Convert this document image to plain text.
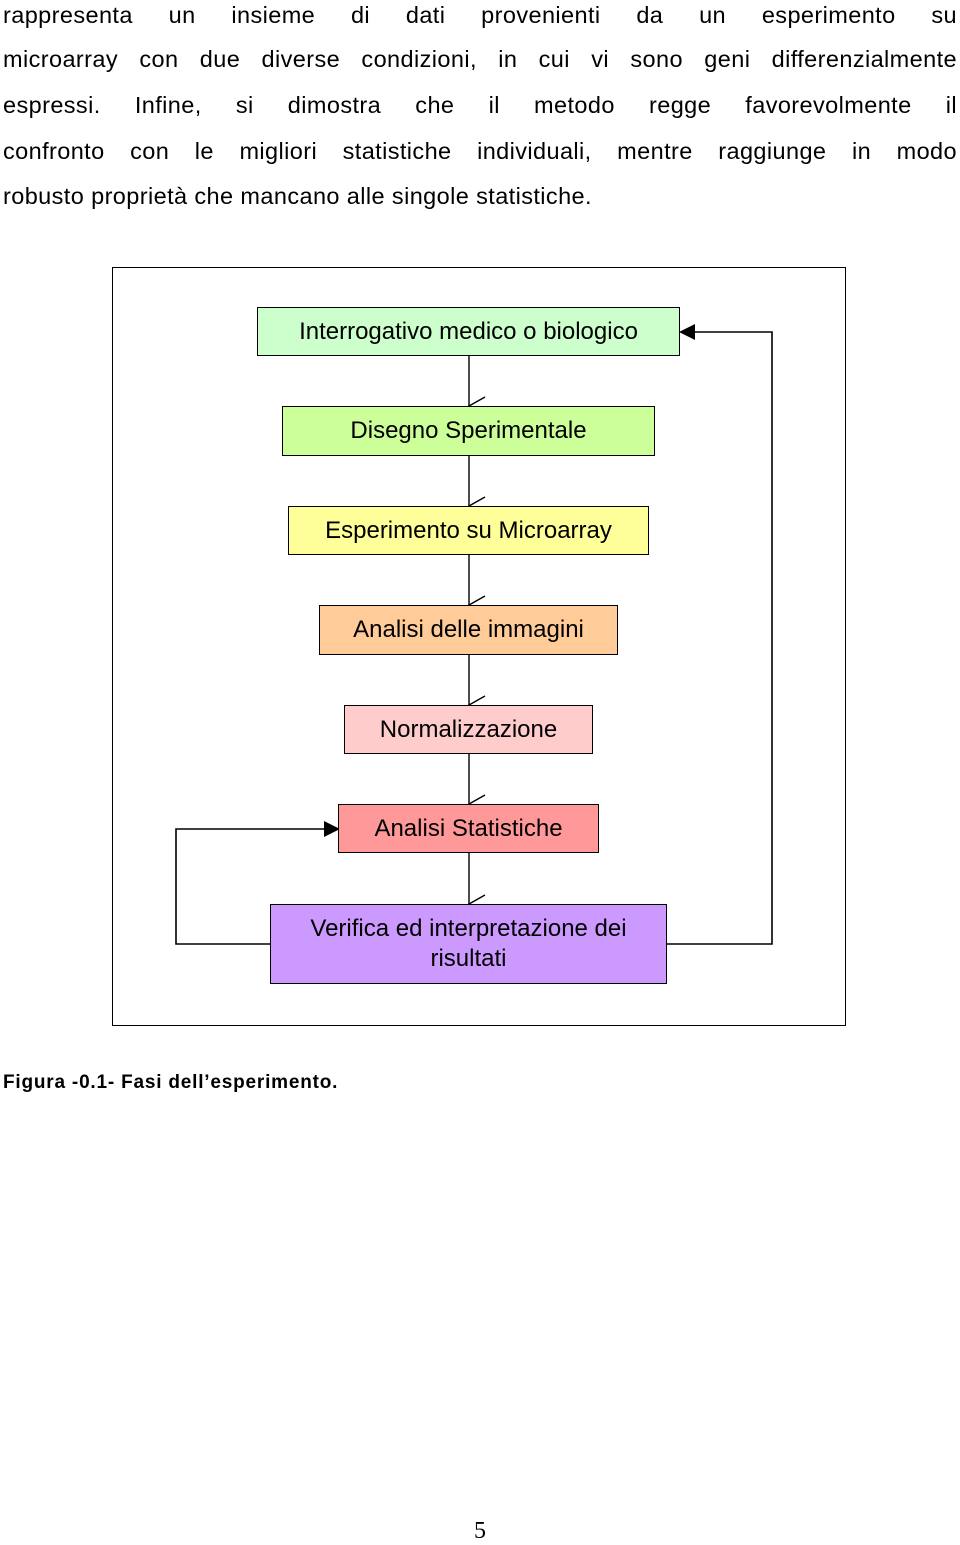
rappresenta un insieme di dati provenienti da un esperimento su
microarray con due diverse condizioni, in cui vi sono geni differenzialmente
espressi. Infine, si dimostra che il metodo regge favorevolmente il
confronto con le migliori statistiche individuali, mentre raggiunge in modo
robusto proprietà che mancano alle singole statistiche.
Interrogativo medico o biologico
Disegno Sperimentale
Esperimento su Microarray
Analisi delle immagini
Normalizzazione
Analisi Statistiche
Verifica ed interpretazione dei risultati
Figura -0.1- Fasi dell’esperimento.
5
